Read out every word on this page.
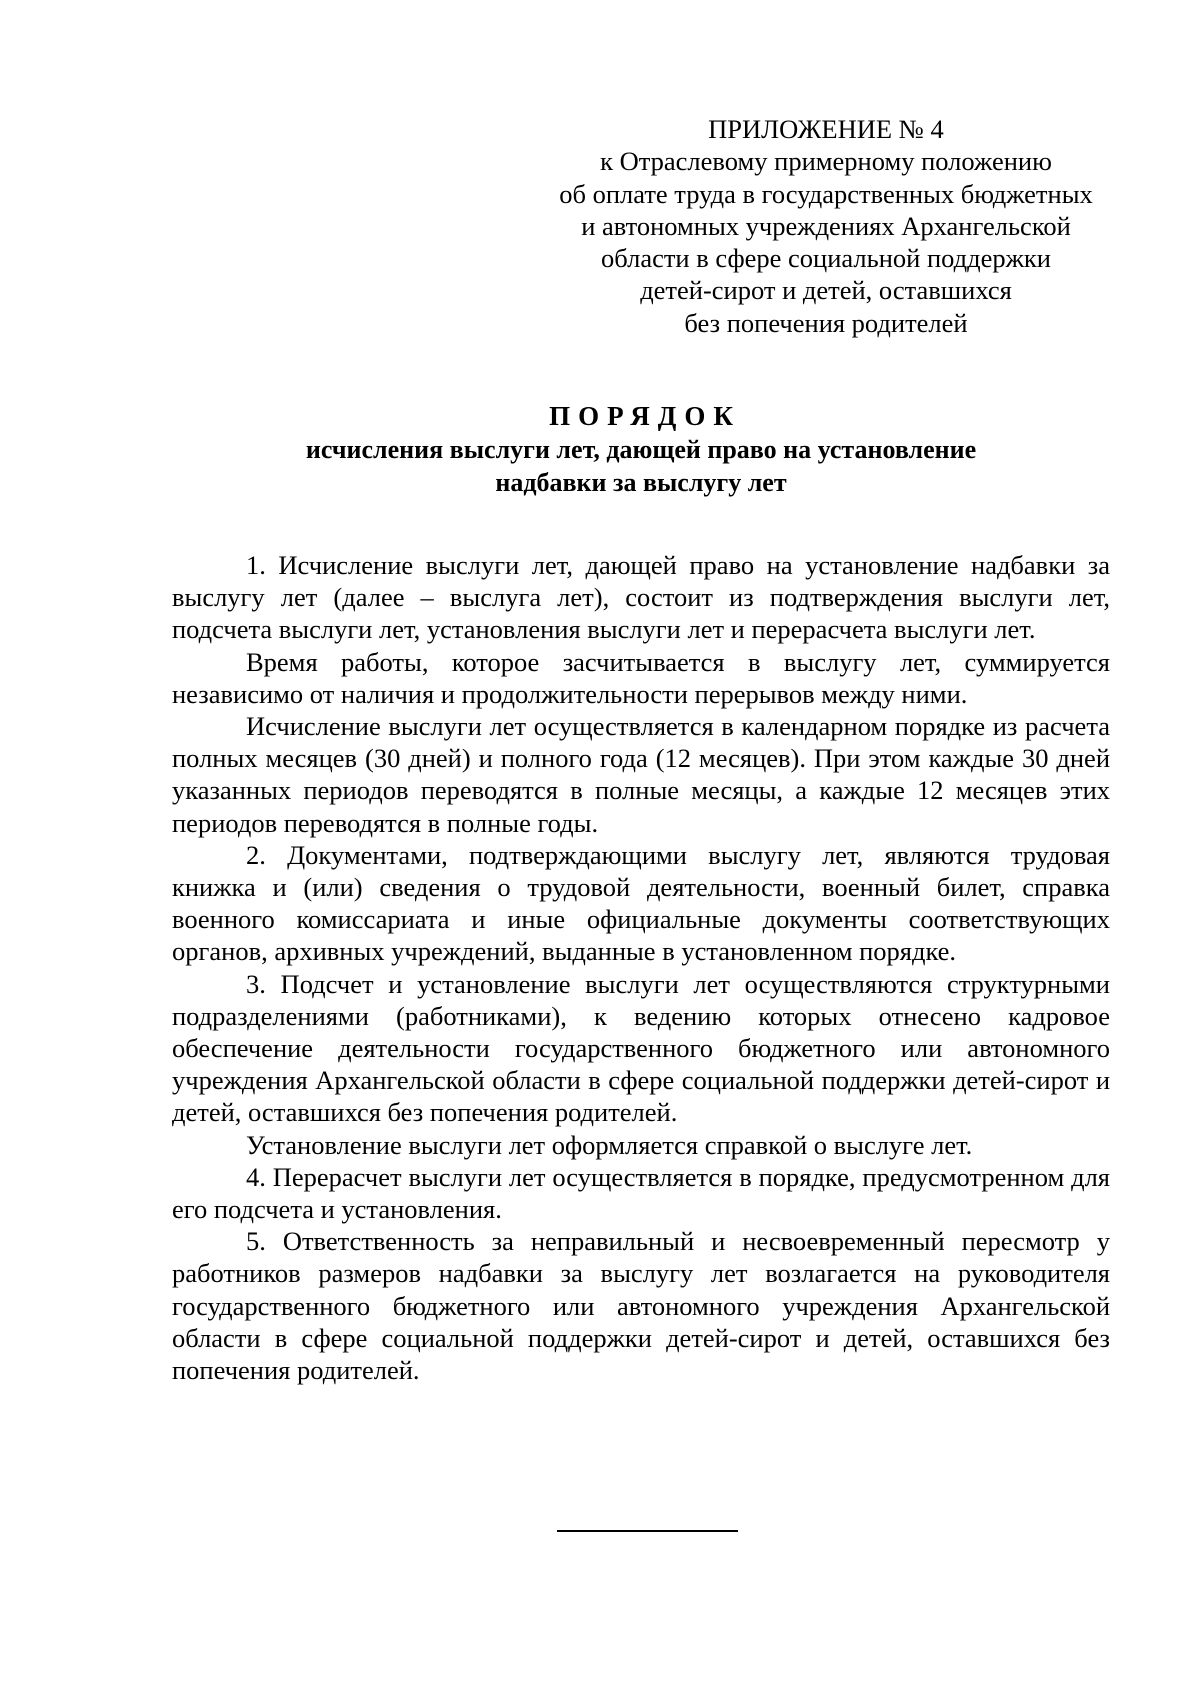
ПРИЛОЖЕНИЕ № 4

к Отраслевому примерному положению

об оплате труда в государственных бюджетных

и автономных учреждениях Архангельской

области в сфере социальной поддержки

детей-сирот и детей, оставшихся

без попечения родителей

ПОРЯДОК

исчисления выслуги лет, дающей право на установление

надбавки за выслугу лет

1. Исчисление выслуги лет, дающей право на установление надбавки за выслугу лет (далее – выслуга лет), состоит из подтверждения выслуги лет, подсчета выслуги лет, установления выслуги лет и перерасчета выслуги лет.

Время работы, которое засчитывается в выслугу лет, суммируется независимо от наличия и продолжительности перерывов между ними.

Исчисление выслуги лет осуществляется в календарном порядке из расчета полных месяцев (30 дней) и полного года (12 месяцев). При этом каждые 30 дней указанных периодов переводятся в полные месяцы, а каждые 12 месяцев этих периодов переводятся в полные годы.

2. Документами, подтверждающими выслугу лет, являются трудовая книжка и (или) сведения о трудовой деятельности, военный билет, справка военного комиссариата и иные официальные документы соответствующих органов, архивных учреждений, выданные в установленном порядке.

3. Подсчет и установление выслуги лет осуществляются структурными подразделениями (работниками), к ведению которых отнесено кадровое обеспечение деятельности государственного бюджетного или автономного учреждения Архангельской области в сфере социальной поддержки детей-сирот и детей, оставшихся без попечения родителей.

Установление выслуги лет оформляется справкой о выслуге лет.

4. Перерасчет выслуги лет осуществляется в порядке, предусмотренном для его подсчета и установления.

5. Ответственность за неправильный и несвоевременный пересмотр у работников размеров надбавки за выслугу лет возлагается на руководителя государственного бюджетного или автономного учреждения Архангельской области в сфере социальной поддержки детей-сирот и детей, оставшихся без попечения родителей.
